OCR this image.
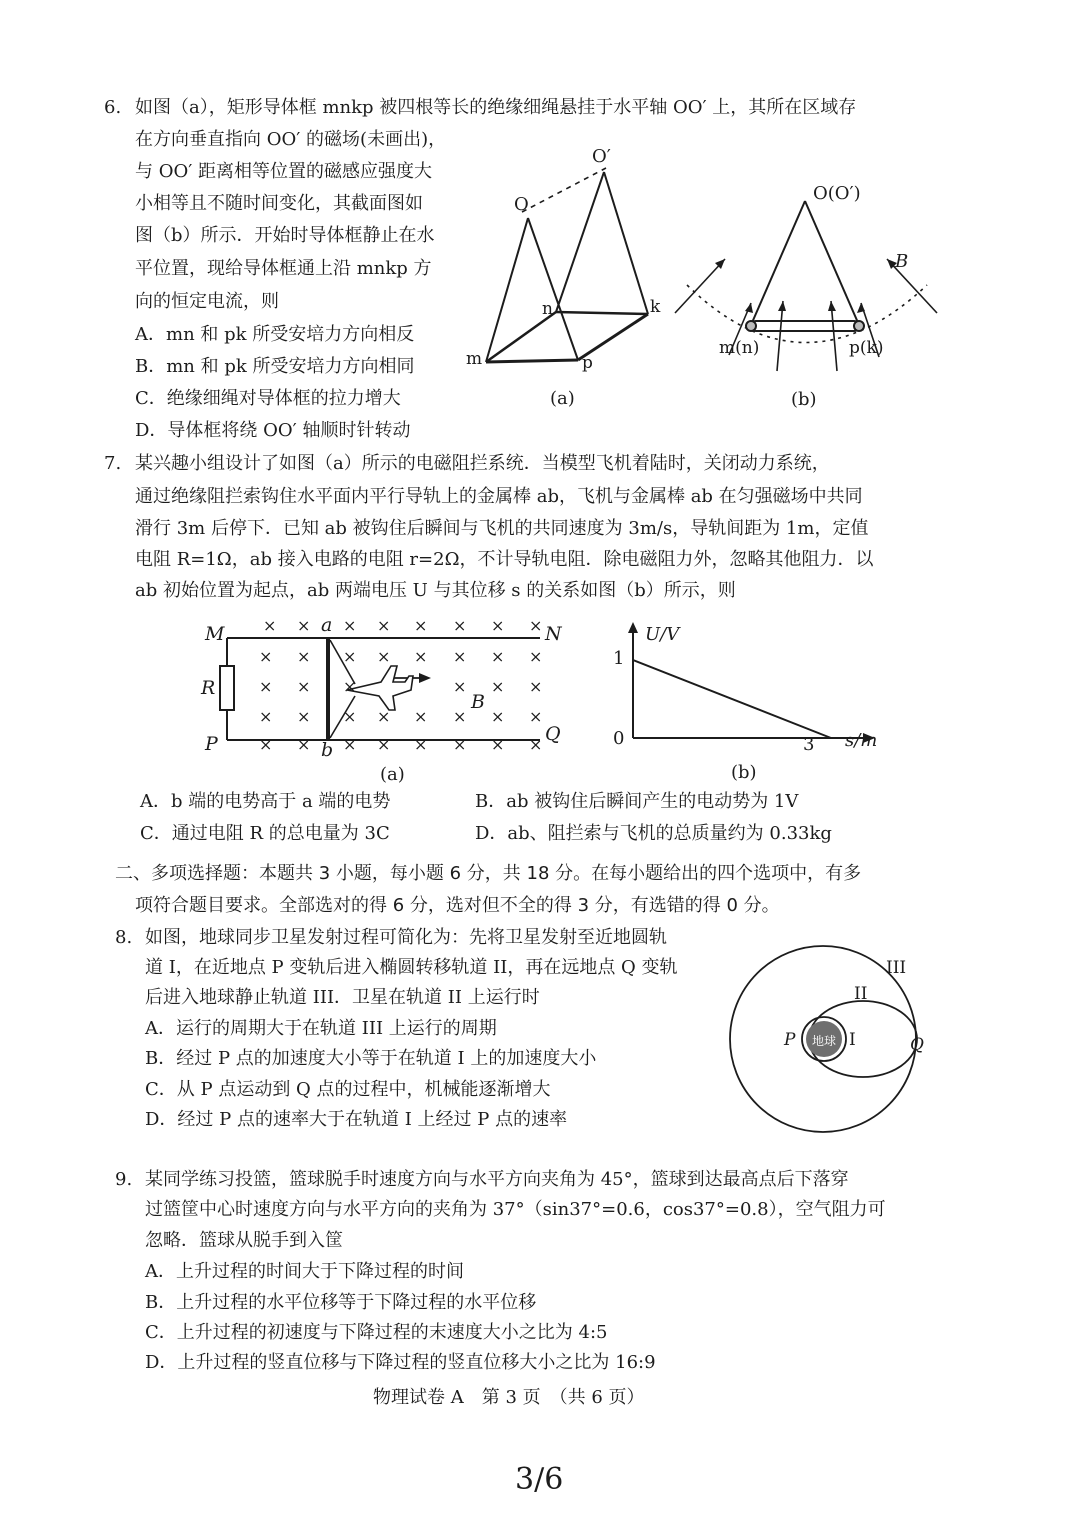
6. 如图（a），矩形导体框 mnkp 被四根等长的绝缘细绳悬挂于水平轴 OO′ 上，其所在区域存
在方向垂直指向 OO′ 的磁场(未画出)，
与 OO′ 距离相等位置的磁感应强度大
小相等且不随时间变化，其截面图如
图（b）所示．开始时导体框静止在水
平位置，现给导体框通上沿 mnkp 方
向的恒定电流，则
A．mn 和 pk 所受安培力方向相反
B．mn 和 pk 所受安培力方向相同
C．绝缘细绳对导体框的拉力增大
D．导体框将绕 OO′ 轴顺时针转动
O
O′
m
n	k
p
(a)
O(O′)
B
m(n)	p(k)
(b)
7. 某兴趣小组设计了如图（a）所示的电磁阻拦系统．当模型飞机着陆时，关闭动力系统，
通过绝缘阻拦索钩住水平面内平行导轨上的金属棒 ab，飞机与金属棒 ab 在匀强磁场中共同
滑行 3m 后停下．已知 ab 被钩住后瞬间与飞机的共同速度为 3m/s，导轨间距为 1m，定值
电阻 R=1Ω，ab 接入电路的电阻 r=2Ω，不计导轨电阻．除电磁阻力外，忽略其他阻力．以
ab 初始位置为起点，ab 两端电压 U 与其位移 s 的关系如图（b）所示，则
× × × × × × × ×
× × × × × × × ×
× × ×	× × ×
× × × × × × × ×
× × × × × × × ×
M	N
P	Q
R
a
b
B
(a)
U/V
s/m
1
0	3
(b)
A．b 端的电势高于 a 端的电势	B．ab 被钩住后瞬间产生的电动势为 1V
C．通过电阻 R 的总电量为 3C	D．ab、阻拦索与飞机的总质量约为 0.33kg
二、多项选择题：本题共 3 小题，每小题 6 分，共 18 分。在每小题给出的四个选项中，有多
项符合题目要求。全部选对的得 6 分，选对但不全的得 3 分，有选错的得 0 分。
8. 如图，地球同步卫星发射过程可简化为：先将卫星发射至近地圆轨
道 I，在近地点 P 变轨后进入椭圆转移轨道 II，再在远地点 Q 变轨
后进入地球静止轨道 III．卫星在轨道 II 上运行时
A．运行的周期大于在轨道 III 上运行的周期
B．经过 P 点的加速度大小等于在轨道 I 上的加速度大小
C．从 P 点运动到 Q 点的过程中，机械能逐渐增大
D．经过 P 点的速率大于在轨道 I 上经过 P 点的速率
地球
III
II
I
P	Q
9. 某同学练习投篮，篮球脱手时速度方向与水平方向夹角为 45°，篮球到达最高点后下落穿
过篮筐中心时速度方向与水平方向的夹角为 37°（sin37°=0.6，cos37°=0.8），空气阻力可
忽略．篮球从脱手到入筐
A．上升过程的时间大于下降过程的时间
B．上升过程的水平位移等于下降过程的水平位移
C．上升过程的初速度与下降过程的末速度大小之比为 4:5
D．上升过程的竖直位移与下降过程的竖直位移大小之比为 16:9
物理试卷 A　第 3 页　（共 6 页）
3/6
